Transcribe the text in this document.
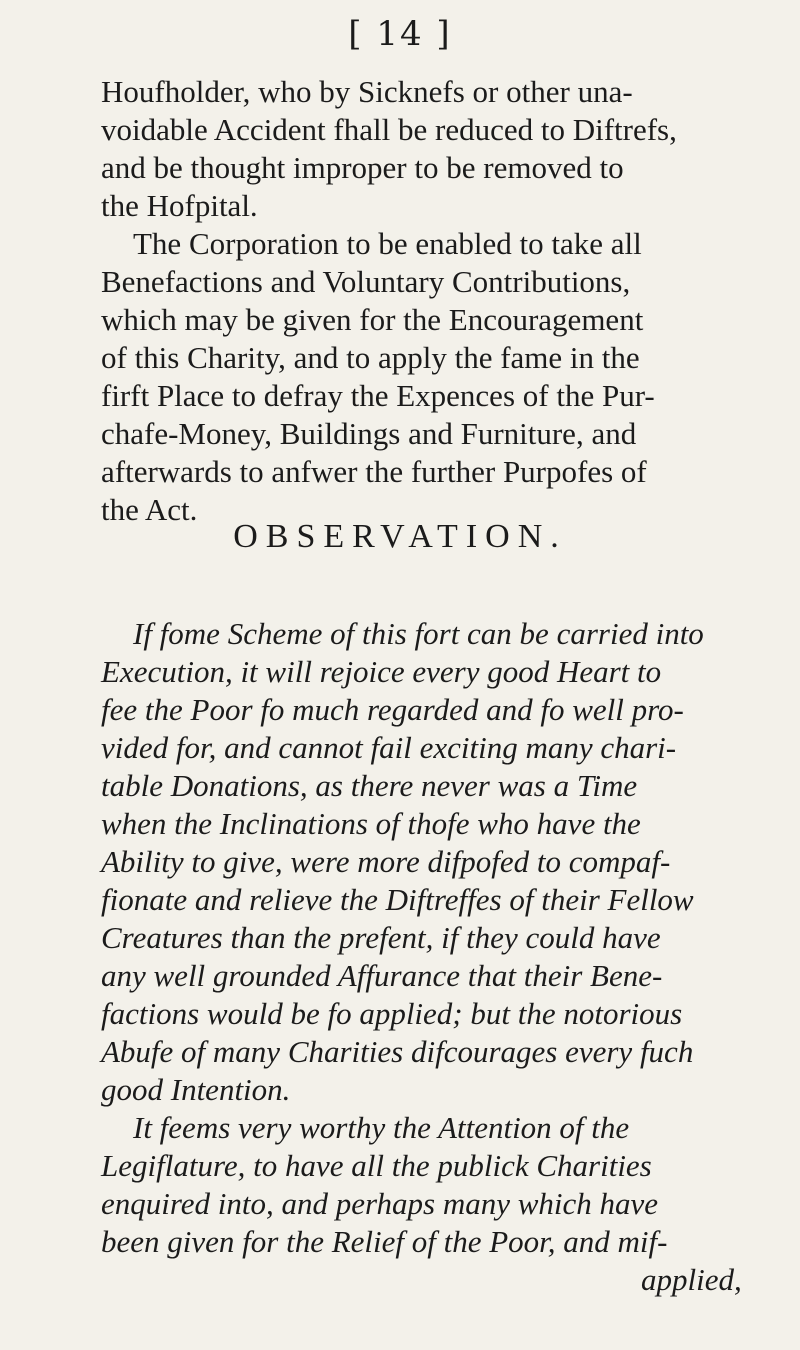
[ 14 ]
Houfholder, who by Sicknefs or other una-
voidable Accident fhall be reduced to Diftrefs,
and be thought improper to be removed to
the Hofpital.
The Corporation to be enabled to take all
Benefactions and Voluntary Contributions,
which may be given for the Encouragement
of this Charity, and to apply the fame in the
firft Place to defray the Expences of the Pur-
chafe-Money, Buildings and Furniture, and
afterwards to anfwer the further Purpofes of
the Act.
OBSERVATION.
If fome Scheme of this fort can be carried into
Execution, it will rejoice every good Heart to
fee the Poor fo much regarded and fo well pro-
vided for, and cannot fail exciting many chari-
table Donations, as there never was a Time
when the Inclinations of thofe who have the
Ability to give, were more difpofed to compaf-
fionate and relieve the Diftreffes of their Fellow
Creatures than the prefent, if they could have
any well grounded Affurance that their Bene-
factions would be fo applied; but the notorious
Abufe of many Charities difcourages every fuch
good Intention.
It feems very worthy the Attention of the
Legiflature, to have all the publick Charities
enquired into, and perhaps many which have
been given for the Relief of the Poor, and mif-
applied,
